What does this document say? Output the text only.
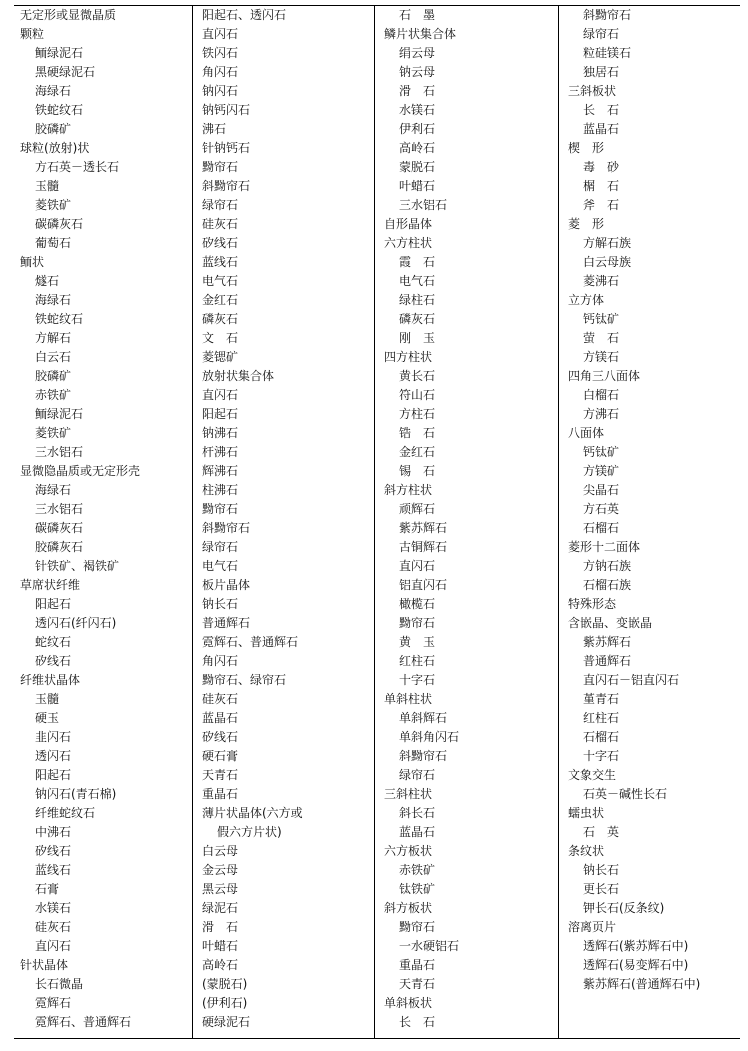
无定形或显微晶质
颗粒
鲕绿泥石
黑硬绿泥石
海绿石
铁蛇纹石
胶磷矿
球粒(放射)状
方石英－透长石
玉髓
菱铁矿
碳磷灰石
葡萄石
鲕状
燧石
海绿石
铁蛇纹石
方解石
白云石
胶磷矿
赤铁矿
鲕绿泥石
菱铁矿
三水铝石
显微隐晶质或无定形壳
海绿石
三水铝石
碳磷灰石
胶磷灰石
针铁矿、褐铁矿
草席状纤维
阳起石
透闪石(纤闪石)
蛇纹石
矽线石
纤维状晶体
玉髓
硬玉
韭闪石
透闪石
阳起石
钠闪石(青石棉)
纤维蛇纹石
中沸石
矽线石
蓝线石
石膏
水镁石
硅灰石
直闪石
针状晶体
长石微晶
霓辉石
霓辉石、普通辉石
阳起石、透闪石
直闪石
铁闪石
角闪石
钠闪石
钠钙闪石
沸石
针钠钙石
黝帘石
斜黝帘石
绿帘石
硅灰石
矽线石
蓝线石
电气石
金红石
磷灰石
文　石
菱锶矿
放射状集合体
直闪石
阳起石
钠沸石
杆沸石
辉沸石
柱沸石
黝帘石
斜黝帘石
绿帘石
电气石
板片晶体
钠长石
普通辉石
霓辉石、普通辉石
角闪石
黝帘石、绿帘石
硅灰石
蓝晶石
矽线石
硬石膏
天青石
重晶石
薄片状晶体(六方或
假六方片状)
白云母
金云母
黑云母
绿泥石
滑　石
叶蜡石
高岭石
(蒙脱石)
(伊利石)
硬绿泥石
石　墨
鳞片状集合体
绢云母
钠云母
滑　石
水镁石
伊利石
高岭石
蒙脱石
叶蜡石
三水铝石
自形晶体
六方柱状
霞　石
电气石
绿柱石
磷灰石
刚　玉
四方柱状
黄长石
符山石
方柱石
锆　石
金红石
锡　石
斜方柱状
顽辉石
紫苏辉石
古铜辉石
直闪石
铝直闪石
橄榄石
黝帘石
黄　玉
红柱石
十字石
单斜柱状
单斜辉石
单斜角闪石
斜黝帘石
绿帘石
三斜柱状
斜长石
蓝晶石
六方板状
赤铁矿
钛铁矿
斜方板状
黝帘石
一水硬铝石
重晶石
天青石
单斜板状
长　石
斜黝帘石
绿帘石
粒硅镁石
独居石
三斜板状
长　石
蓝晶石
楔　形
毒　砂
榍　石
斧　石
菱　形
方解石族
白云母族
菱沸石
立方体
钙钛矿
萤　石
方镁石
四角三八面体
白榴石
方沸石
八面体
钙钛矿
方镁矿
尖晶石
方石英
石榴石
菱形十二面体
方钠石族
石榴石族
特殊形态
含嵌晶、变嵌晶
紫苏辉石
普通辉石
直闪石－铝直闪石
堇青石
红柱石
石榴石
十字石
文象交生
石英－碱性长石
蠕虫状
石　英
条纹状
钠长石
更长石
钾长石(反条纹)
溶离页片
透辉石(紫苏辉石中)
透辉石(易变辉石中)
紫苏辉石(普通辉石中)
